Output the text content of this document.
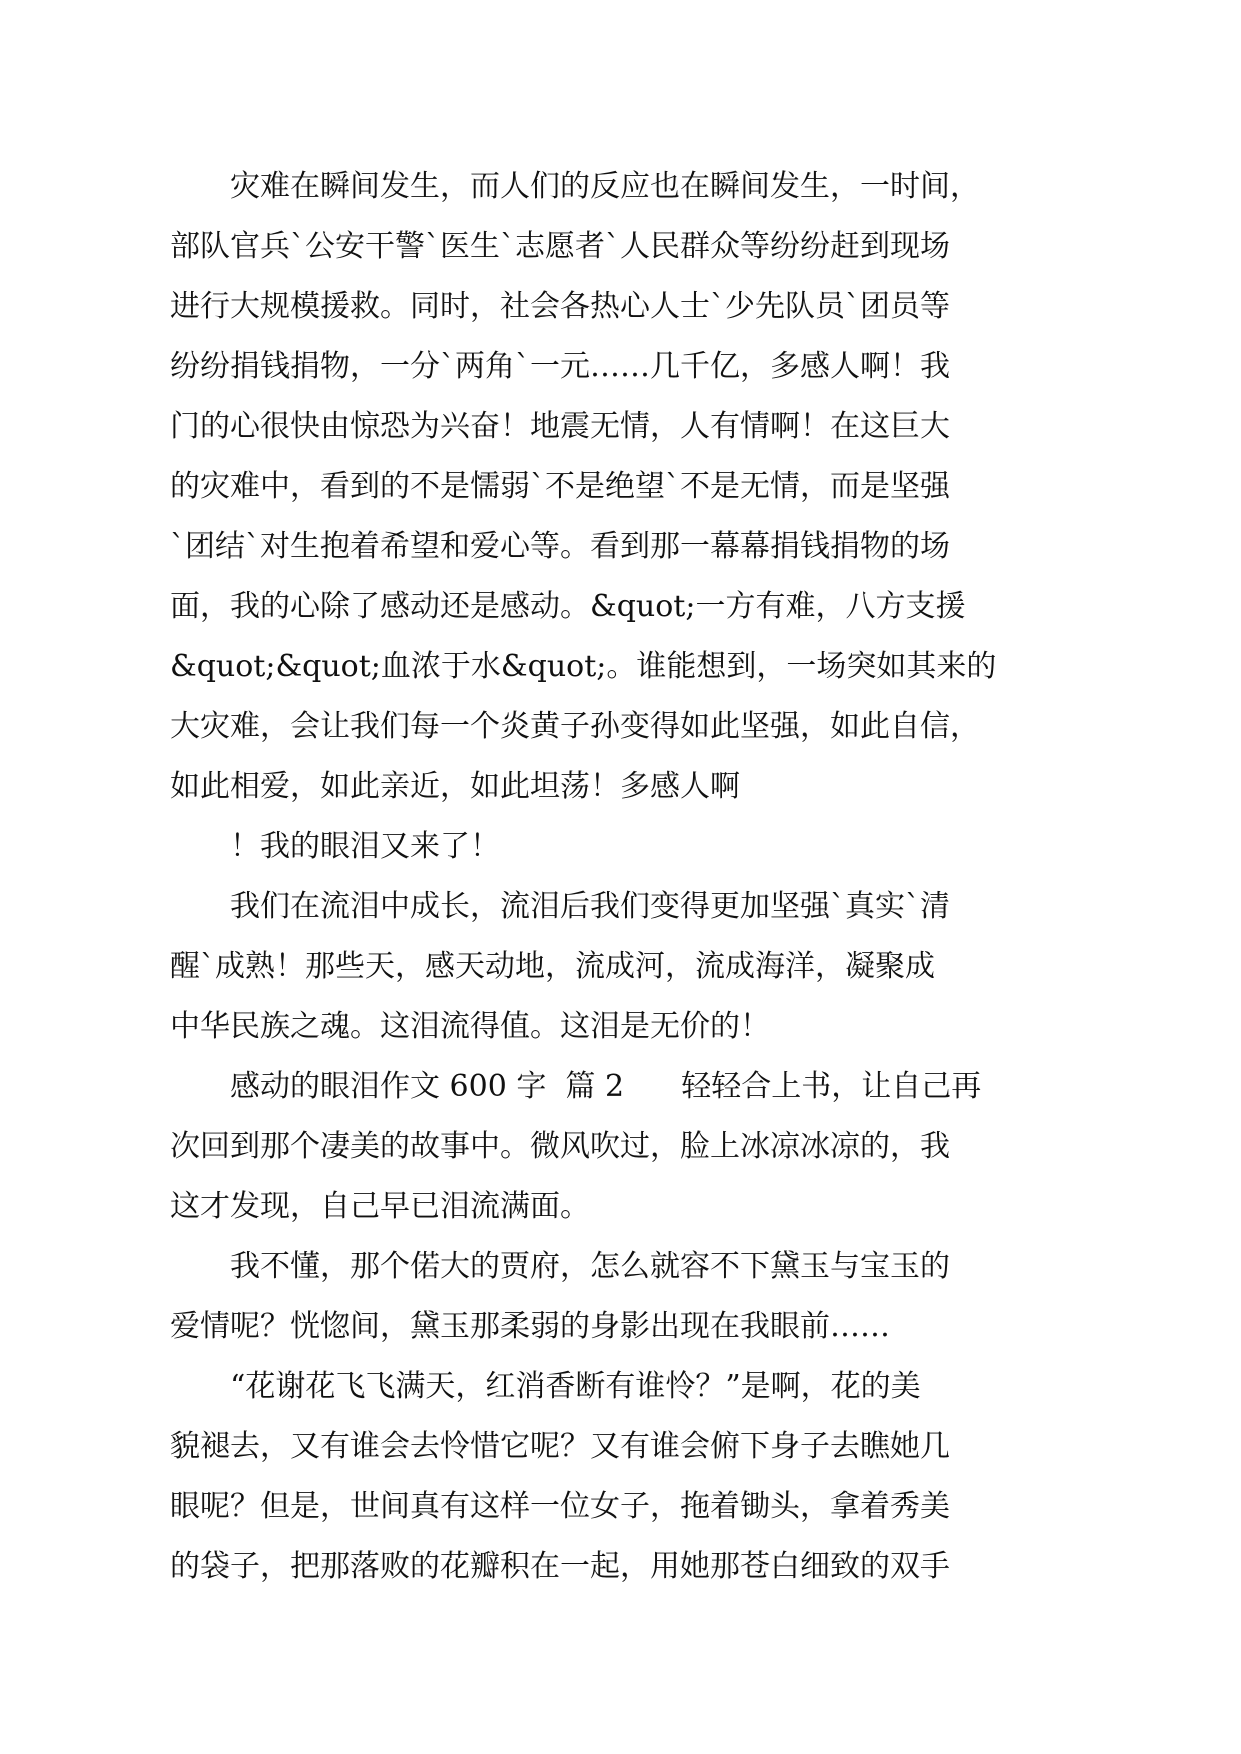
灾难在瞬间发生，而人们的反应也在瞬间发生，一时间，
部队官兵`公安干警`医生`志愿者`人民群众等纷纷赶到现场
进行大规模援救。同时，社会各热心人士`少先队员`团员等
纷纷捐钱捐物，一分`两角`一元……几千亿，多感人啊！我
门的心很快由惊恐为兴奋！地震无情，人有情啊！在这巨大
的灾难中，看到的不是懦弱`不是绝望`不是无情，而是坚强
`团结`对生抱着希望和爱心等。看到那一幕幕捐钱捐物的场
面，我的心除了感动还是感动。&quot;一方有难，八方支援
&quot;&quot;血浓于水&quot;。谁能想到，一场突如其来的
大灾难，会让我们每一个炎黄子孙变得如此坚强，如此自信，
如此相爱，如此亲近，如此坦荡！多感人啊
！我的眼泪又来了！
我们在流泪中成长，流泪后我们变得更加坚强`真实`清
醒`成熟！那些天，感天动地，流成河，流成海洋，凝聚成
中华民族之魂。这泪流得值。这泪是无价的！
感动的眼泪作文 600 字  篇 2      轻轻合上书，让自己再
次回到那个凄美的故事中。微风吹过，脸上冰凉冰凉的，我
这才发现，自己早已泪流满面。
我不懂，那个偌大的贾府，怎么就容不下黛玉与宝玉的
爱情呢？恍惚间，黛玉那柔弱的身影出现在我眼前……
“花谢花飞飞满天，红消香断有谁怜？”是啊，花的美
貌褪去，又有谁会去怜惜它呢？又有谁会俯下身子去瞧她几
眼呢？但是，世间真有这样一位女子，拖着锄头，拿着秀美
的袋子，把那落败的花瓣积在一起，用她那苍白细致的双手
